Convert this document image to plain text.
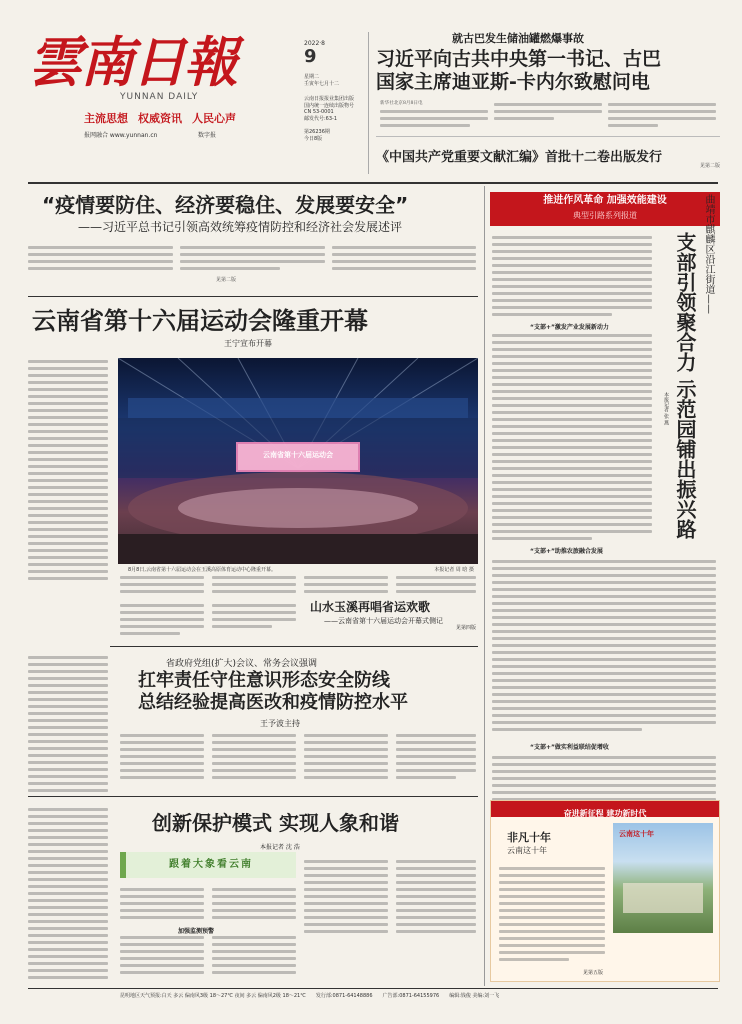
雲南日報
YUNNAN DAILY
主流思想 权威资讯 人民心声
报网融合 www.yunnan.cn	数字报
2022·8
9
星期二
壬寅年七月十二
云南日报报业集团出版
国内统一连续出版物号
CN 53-0001
邮发代号:63-1
第26236期
今日8版
就古巴发生储油罐燃爆事故
习近平向古共中央第一书记、古巴
国家主席迪亚斯-卡内尔致慰问电
新华社北京8月8日电
《中国共产党重要文献汇编》首批十二卷出版发行
见第二版
“疫情要防住、经济要稳住、发展要安全”
——习近平总书记引领高效统筹疫情防控和经济社会发展述评
见第二版
云南省第十六届运动会隆重开幕
王宁宣布开幕
云南省第十六届运动会
8月8日,云南省第十六届运动会在玉溪高原体育运动中心隆重开幕。	本报记者 周 晗 摄
山水玉溪再唱省运欢歌
——云南省第十六届运动会开幕式侧记
见第四版
省政府党组(扩大)会议、常务会议强调
扛牢责任守住意识形态安全防线
总结经验提高医改和疫情防控水平
王予波主持
创新保护模式 实现人象和谐
本报记者 沈 浩
跟着大象看云南
加强监测预警
推进作风革命 加强效能建设
典型引路系列报道
支部引领聚合力 示范园铺出振兴路 曲靖市麒麟区沿江街道——
本报记者 张 燕
“支部+”激发产业发展新动力
“支部+”助推农旅融合发展
“支部+”做实利益联结促增收
奋进新征程 建功新时代
非凡十年
云南这十年
见第五版
云南这十年
昆明地区天气预报:白天 多云 偏南风3级 18～27℃ 夜间 多云 偏南风2级 18～21℃ 发行部:0871-64148886 广告部:0871-64155976 编辑:钱俊 美编:刘一飞
